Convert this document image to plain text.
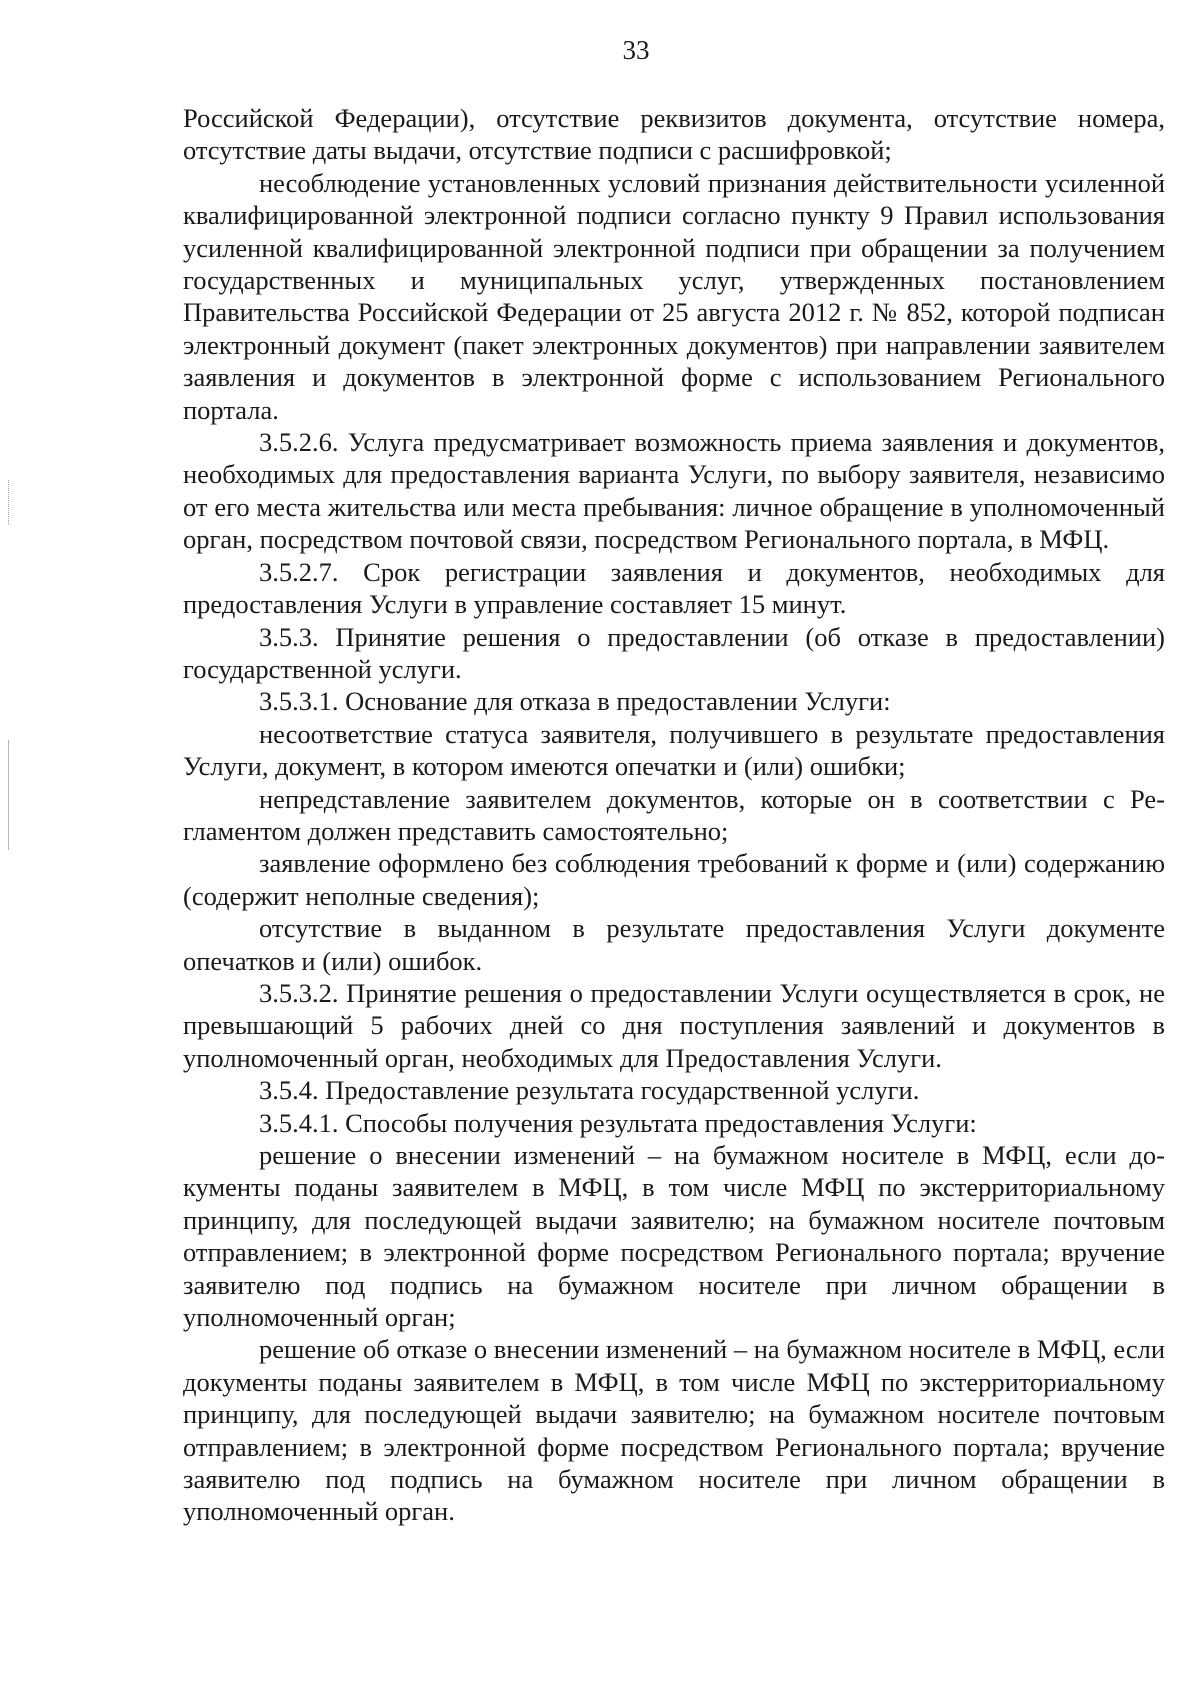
33

Российской Федерации), отсутствие реквизитов документа, отсутствие номера, отсутствие даты выдачи, отсутствие подписи с расшифровкой;

несоблюдение установленных условий признания действительности усиленной квалифицированной электронной подписи согласно пункту 9 Правил использования усиленной квалифицированной электронной подписи при обращении за получением государственных и муниципальных услуг, утвержденных постановлением Правительства Российской Федерации от 25 августа 2012 г. № 852, которой подписан электронный документ (пакет электронных документов) при направлении заявителем заявления и документов в электронной форме с использованием Регионального портала.

3.5.2.6. Услуга предусматривает возможность приема заявления и документов, необходимых для предоставления варианта Услуги, по выбору заявителя, независимо от его места жительства или места пребывания: личное обращение в уполномоченный орган, посредством почтовой связи, посредством Регионального портала, в МФЦ.

3.5.2.7. Срок регистрации заявления и документов, необходимых для предоставления Услуги в управление составляет 15 минут.

3.5.3. Принятие решения о предоставлении (об отказе в предоставлении) государственной услуги.

3.5.3.1. Основание для отказа в предоставлении Услуги:

несоответствие статуса заявителя, получившего в результате предоставления Услуги, документ, в котором имеются опечатки и (или) ошибки;

непредставление заявителем документов, которые он в соответствии с Регламентом должен представить самостоятельно;

заявление оформлено без соблюдения требований к форме и (или) содержанию (содержит неполные сведения);

отсутствие в выданном в результате предоставления Услуги документе опечатков и (или) ошибок.

3.5.3.2. Принятие решения о предоставлении Услуги осуществляется в срок, не превышающий 5 рабочих дней со дня поступления заявлений и документов в уполномоченный орган, необходимых для Предоставления Услуги.

3.5.4. Предоставление результата государственной услуги.

3.5.4.1. Способы получения результата предоставления Услуги:

решение о внесении изменений – на бумажном носителе в МФЦ, если документы поданы заявителем в МФЦ, в том числе МФЦ по экстерриториальному принципу, для последующей выдачи заявителю; на бумажном носителе почтовым отправлением; в электронной форме посредством Регионального портала; вручение заявителю под подпись на бумажном носителе при личном обращении в уполномоченный орган;

решение об отказе о внесении изменений – на бумажном носителе в МФЦ, если документы поданы заявителем в МФЦ, в том числе МФЦ по экстерриториальному принципу, для последующей выдачи заявителю; на бумажном носителе почтовым отправлением; в электронной форме посредством Регионального портала; вручение заявителю под подпись на бумажном носителе при личном обращении в уполномоченный орган.
